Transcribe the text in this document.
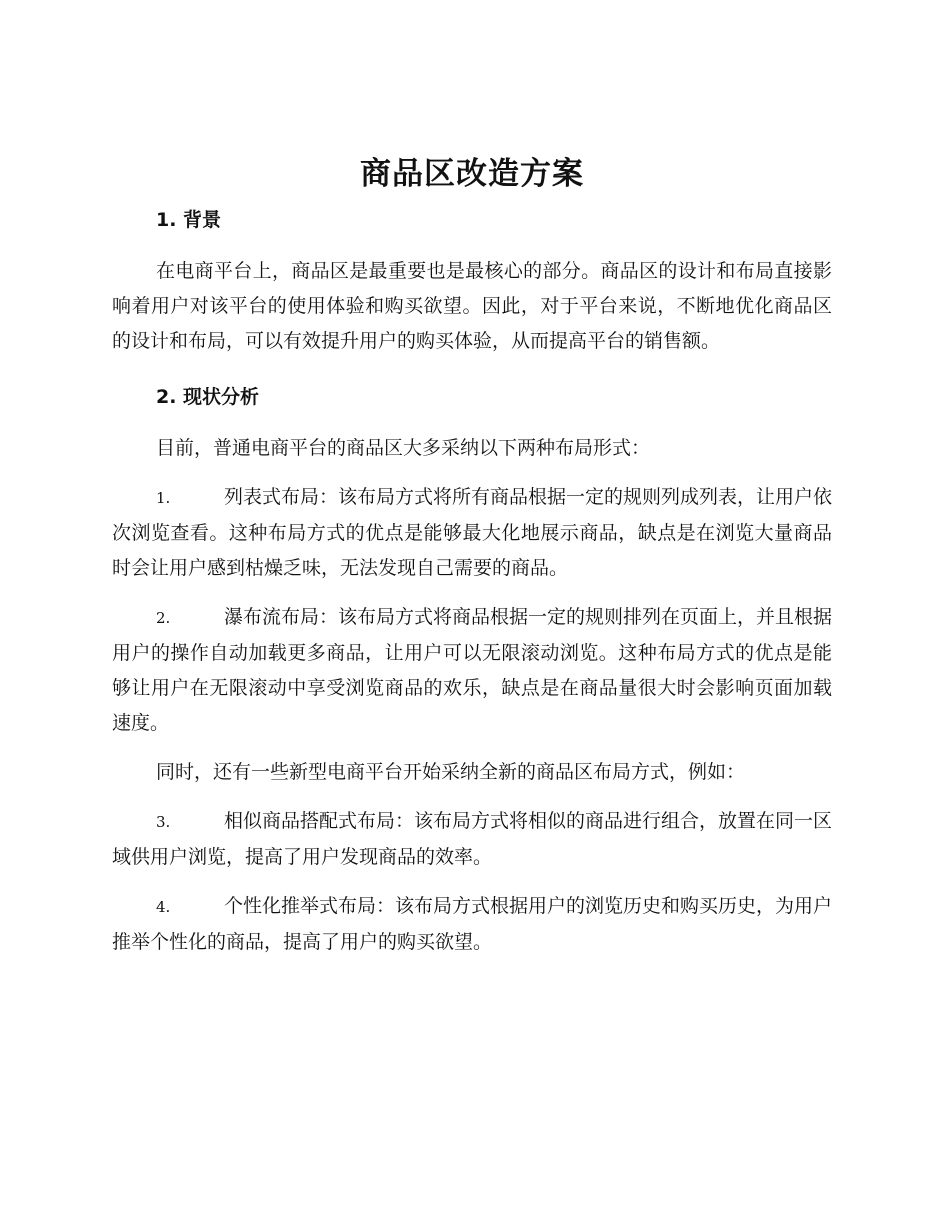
商品区改造方案
1. 背景

在电商平台上，商品区是最重要也是最核心的部分。商品区的设计和布局直接影响着用户对该平台的使用体验和购买欲望。因此，对于平台来说，不断地优化商品区的设计和布局，可以有效提升用户的购买体验，从而提高平台的销售额。

2. 现状分析

目前，普通电商平台的商品区大多采纳以下两种布局形式：

1.	列表式布局：该布局方式将所有商品根据一定的规则列成列表，让用户依次浏览查看。这种布局方式的优点是能够最大化地展示商品，缺点是在浏览大量商品时会让用户感到枯燥乏味，无法发现自己需要的商品。

2.	瀑布流布局：该布局方式将商品根据一定的规则排列在页面上，并且根据用户的操作自动加载更多商品，让用户可以无限滚动浏览。这种布局方式的优点是能够让用户在无限滚动中享受浏览商品的欢乐，缺点是在商品量很大时会影响页面加载速度。

同时，还有一些新型电商平台开始采纳全新的商品区布局方式，例如：

3.	相似商品搭配式布局：该布局方式将相似的商品进行组合，放置在同一区域供用户浏览，提高了用户发现商品的效率。

4.	个性化推举式布局：该布局方式根据用户的浏览历史和购买历史，为用户推举个性化的商品，提高了用户的购买欲望。
